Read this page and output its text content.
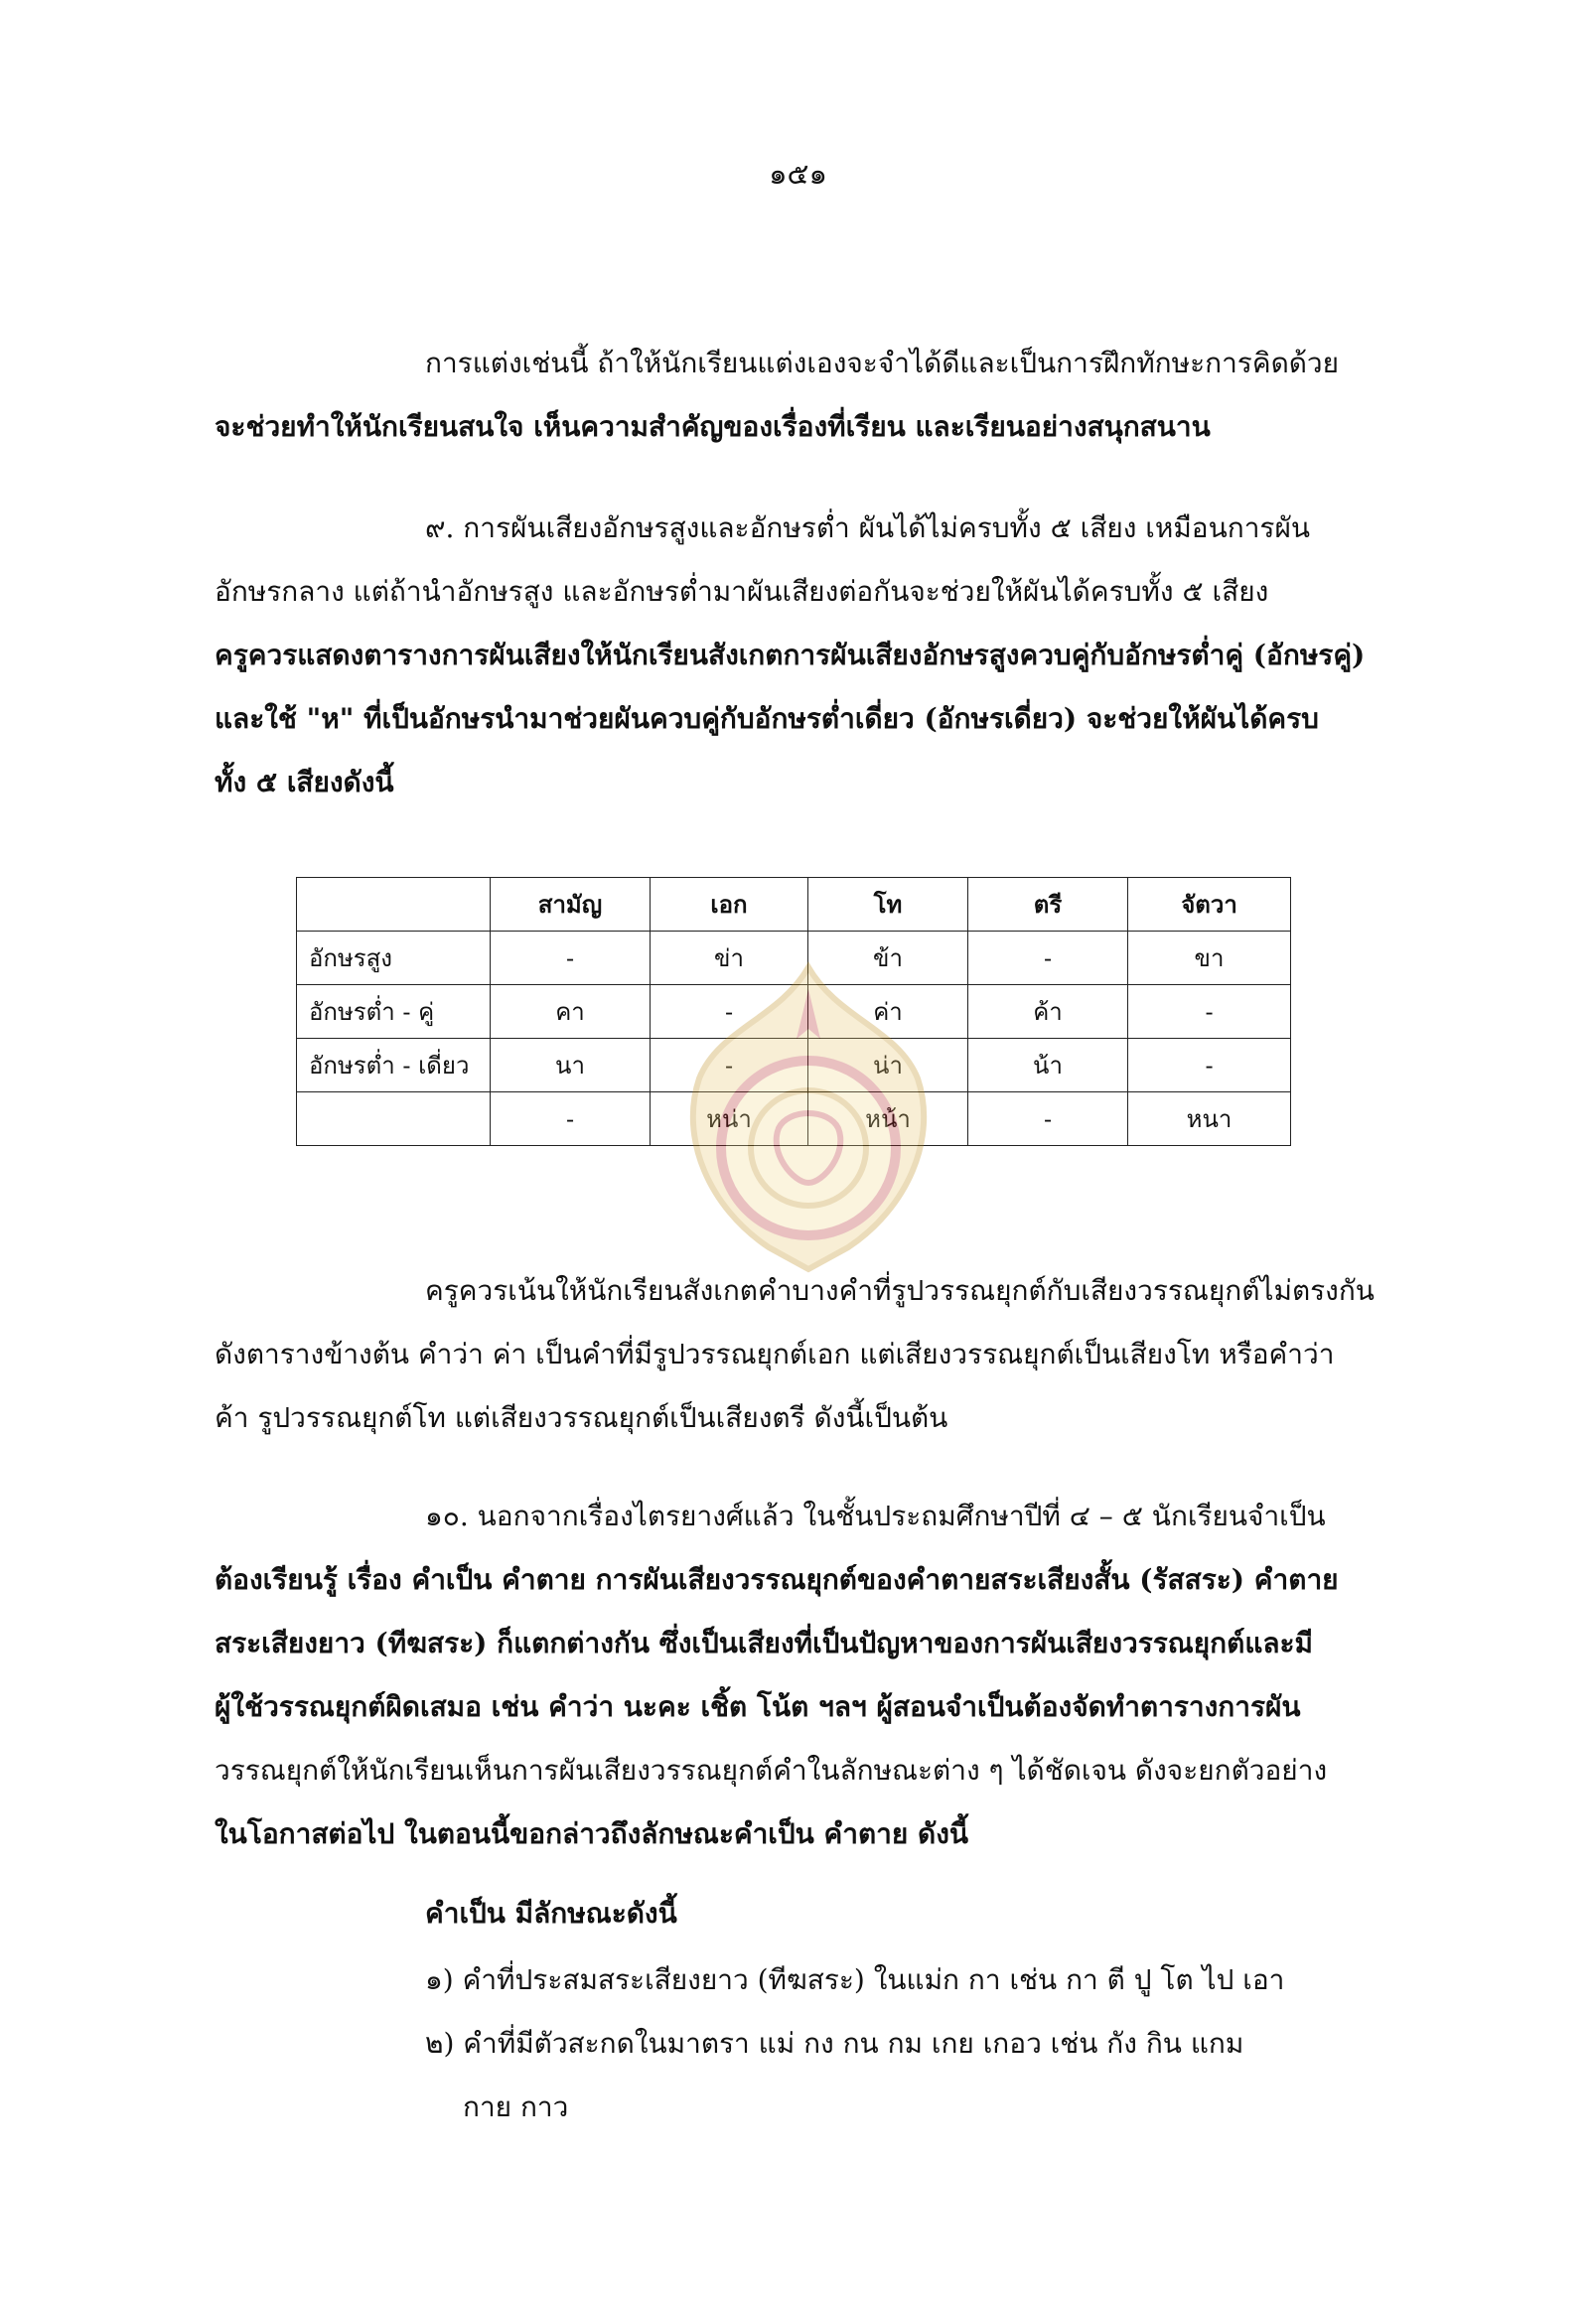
๑๕๑
การแต่งเช่นนี้ ถ้าให้นักเรียนแต่งเองจะจำได้ดีและเป็นการฝึกทักษะการคิดด้วย
จะช่วยทำให้นักเรียนสนใจ เห็นความสำคัญของเรื่องที่เรียน และเรียนอย่างสนุกสนาน
๙. การผันเสียงอักษรสูงและอักษรต่ำ ผันได้ไม่ครบทั้ง ๕ เสียง เหมือนการผัน
อักษรกลาง แต่ถ้านำอักษรสูง และอักษรต่ำมาผันเสียงต่อกันจะช่วยให้ผันได้ครบทั้ง ๕ เสียง
ครูควรแสดงตารางการผันเสียงให้นักเรียนสังเกตการผันเสียงอักษรสูงควบคู่กับอักษรต่ำคู่ (อักษรคู่)
และใช้ "ห" ที่เป็นอักษรนำมาช่วยผันควบคู่กับอักษรต่ำเดี่ยว (อักษรเดี่ยว) จะช่วยให้ผันได้ครบ
ทั้ง ๕ เสียงดังนี้
	สามัญ	เอก	โท	ตรี	จัตวา
อักษรสูง	-	ข่า	ข้า	-	ขา
อักษรต่ำ - คู่	คา	-	ค่า	ค้า	-
อักษรต่ำ - เดี่ยว	นา	-	น่า	น้า	-
	-	หน่า	หน้า	-	หนา
ครูควรเน้นให้นักเรียนสังเกตคำบางคำที่รูปวรรณยุกต์กับเสียงวรรณยุกต์ไม่ตรงกัน
ดังตารางข้างต้น คำว่า ค่า เป็นคำที่มีรูปวรรณยุกต์เอก แต่เสียงวรรณยุกต์เป็นเสียงโท หรือคำว่า
ค้า รูปวรรณยุกต์โท แต่เสียงวรรณยุกต์เป็นเสียงตรี ดังนี้เป็นต้น
๑๐. นอกจากเรื่องไตรยางศ์แล้ว ในชั้นประถมศึกษาปีที่ ๔ – ๕ นักเรียนจำเป็น
ต้องเรียนรู้ เรื่อง คำเป็น คำตาย การผันเสียงวรรณยุกต์ของคำตายสระเสียงสั้น (รัสสระ) คำตาย
สระเสียงยาว (ทีฆสระ) ก็แตกต่างกัน ซึ่งเป็นเสียงที่เป็นปัญหาของการผันเสียงวรรณยุกต์และมี
ผู้ใช้วรรณยุกต์ผิดเสมอ เช่น คำว่า นะคะ เชิ้ต โน้ต ฯลฯ ผู้สอนจำเป็นต้องจัดทำตารางการผัน
วรรณยุกต์ให้นักเรียนเห็นการผันเสียงวรรณยุกต์คำในลักษณะต่าง ๆ ได้ชัดเจน ดังจะยกตัวอย่าง
ในโอกาสต่อไป ในตอนนี้ขอกล่าวถึงลักษณะคำเป็น คำตาย ดังนี้
คำเป็น มีลักษณะดังนี้
๑) คำที่ประสมสระเสียงยาว (ทีฆสระ) ในแม่ก กา เช่น กา ตี ปู โต ไป เอา
๒) คำที่มีตัวสะกดในมาตรา แม่ กง กน กม เกย เกอว เช่น กัง กิน แกม
กาย กาว
